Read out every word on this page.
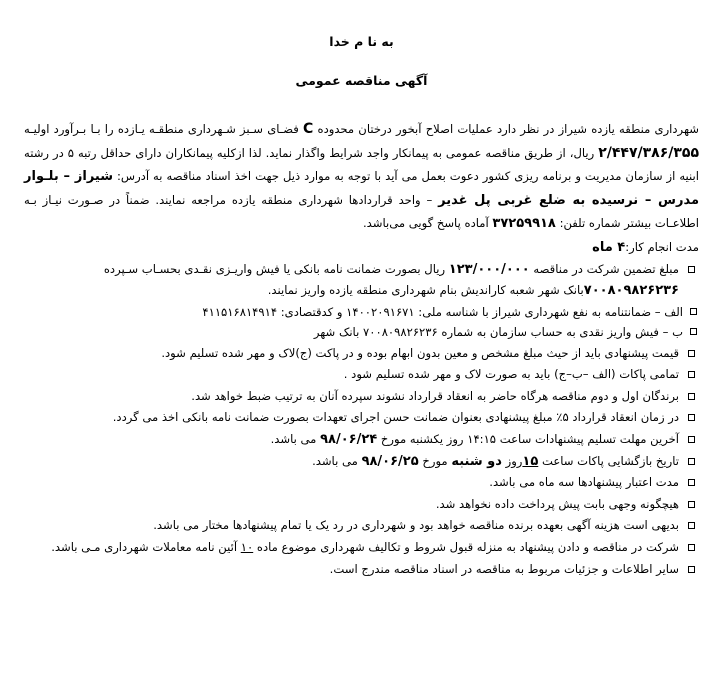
به نا م خدا

آگهی مناقصه عمومی

شهرداری منطقه یازده شیراز در نظر دارد عملیات اصلاح آبخور درختان محدوده C فضـای سـبز شـهرداری منطقـه یـازده را بـا بـرآورد اولیـه ۲/۴۴۷/۳۸۶/۳۵۵ ریال، از طریق مناقصه عمومی به پیمانکار واجد شرایط واگذار نماید. لذا ازکلیه پیمانکاران دارای حداقل رتبه ۵ در رشته ابنیه از سازمان مدیریت و برنامه ریزی کشور دعوت بعمل می آید با توجه به موارد ذیل جهت اخذ اسناد مناقصه به آدرس: شیراز – بلـوار مدرس – نرسیده به ضلع غربی پل غدیر – واحد قراردادها شهرداری منطقه یازده مراجعه نمایند. ضمناً در صـورت نیـاز بـه اطلاعـات بیشتر شماره تلفن: ۳۷۲۵۹۹۱۸ آماده پاسخ گویی می‌باشد.

مدت انجام کار:۴ ماه

مبلغ تضمین شرکت در مناقصه ۱۲۳/۰۰۰/۰۰۰ ریال بصورت ضمانت نامه بانکی یا فیش واریـزی نقـدی بحسـاب سـپرده ۷۰۰۸۰۹۸۲۶۲۳۶بانک شهر شعبه کارانديش بنام شهرداری منطقه یازده واریز نمايند.
الف – ضمانتنامه به نفع شهرداری شیراز با شناسه ملی: ۱۴۰۰۲۰۹۱۶۷۱ و کدقتصادی: ۴۱۱۵۱۶۸۱۴۹۱۴
ب – فیش واریز نقدی به حساب سازمان به شماره ۷۰۰۸۰۹۸۲۶۲۳۶ بانک شهر
قیمت پیشنهادی باید از حیث مبلغ مشخص و معین بدون ابهام بوده و در پاکت (ج)لاک و مهر شده تسلیم شود.
تمامی پاکات (الف –ب–ج) باید به صورت لاک و مهر شده تسلیم شود .
برندگان اول و دوم مناقصه هرگاه حاضر به انعقاد قرارداد نشوند سپرده آنان به ترتیب ضبط خواهد شد.
در زمان انعقاد قرارداد ۵٪ مبلغ پیشنهادی بعنوان ضمانت حسن اجرای تعهدات بصورت ضمانت نامه بانکی اخذ می گردد.
آخرین مهلت تسلیم پیشنهادات ساعت ۱۴:۱۵ روز یکشنبه مورخ ۹۸/۰۶/۲۴ می باشد.
تاریخ بازگشایی پاکات ساعت ۱۵روز دو شنبه مورخ ۹۸/۰۶/۲۵ می باشد.
مدت اعتبار پیشنهادها سه ماه می باشد.
هیچگونه وجهی بابت پیش پرداخت داده نخواهد شد.
بدیهی است هزینه آگهی بعهده برنده مناقصه خواهد بود و شهرداری در رد یک یا تمام پیشنهادها مختار می باشد.
شرکت در مناقصه و دادن پیشنهاد به منزله قبول شروط و تکالیف شهرداری موضوع ماده ۱۰ آئین نامه معاملات شهرداری مـی باشد.
سایر اطلاعات و جزئیات مربوط به مناقصه در اسناد مناقصه مندرج است.
